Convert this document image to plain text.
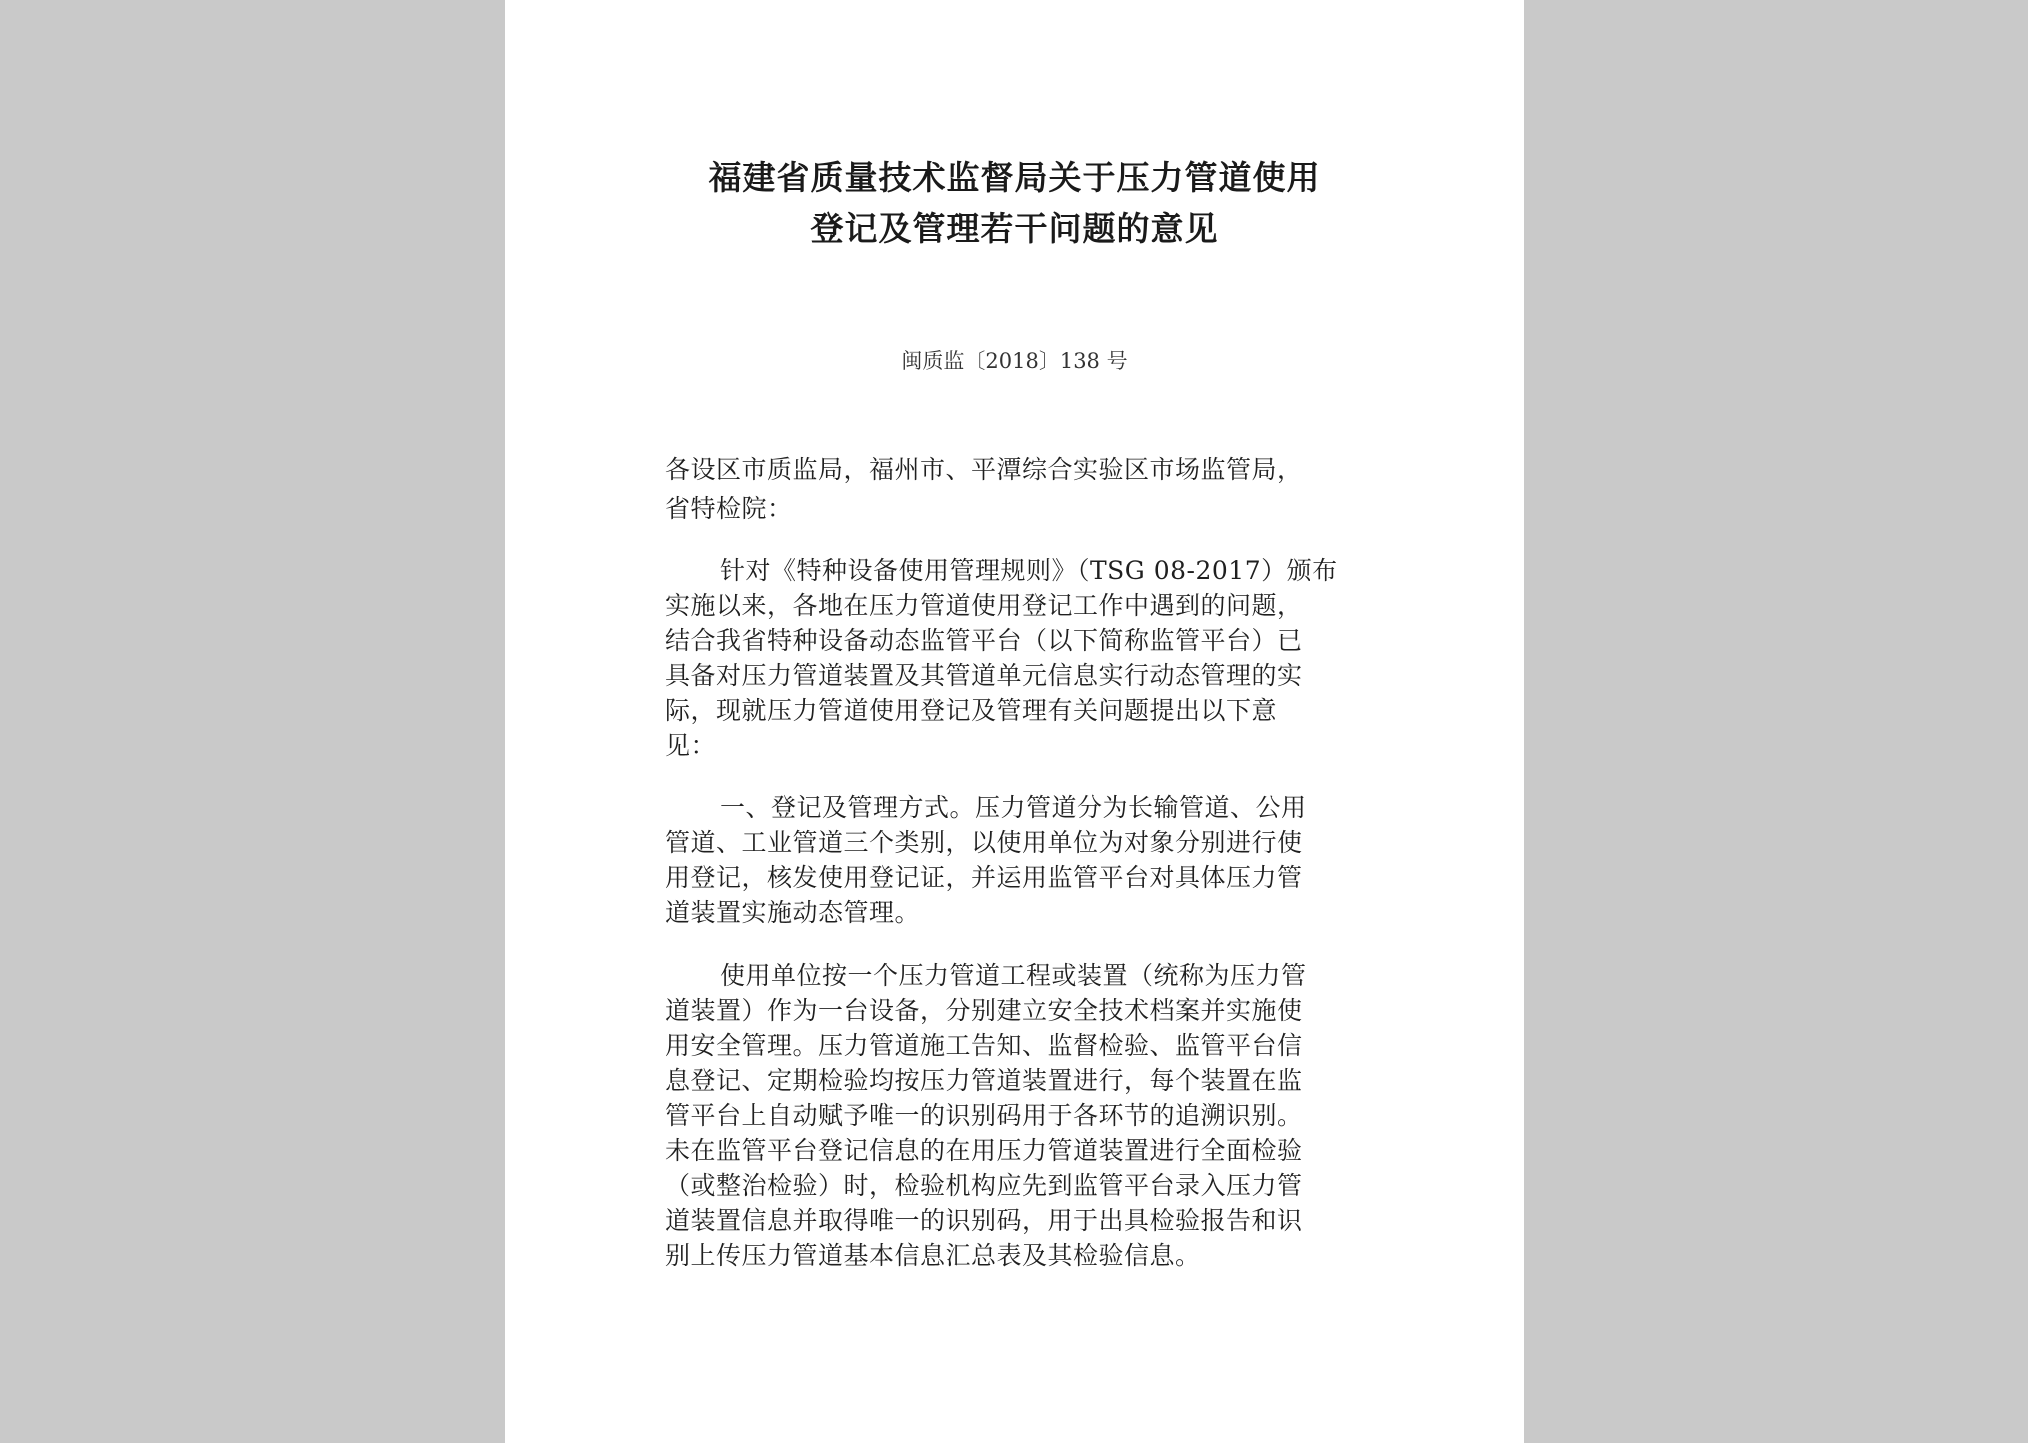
福建省质量技术监督局关于压力管道使用
登记及管理若干问题的意见
闽质监〔2018〕138 号
各设区市质监局，福州市、平潭综合实验区市场监管局，
省特检院：
针对《特种设备使用管理规则》（TSG 08-2017）颁布
实施以来，各地在压力管道使用登记工作中遇到的问题，
结合我省特种设备动态监管平台（以下简称监管平台）已
具备对压力管道装置及其管道单元信息实行动态管理的实
际，现就压力管道使用登记及管理有关问题提出以下意
见：
一、登记及管理方式。压力管道分为长输管道、公用
管道、工业管道三个类别，以使用单位为对象分别进行使
用登记，核发使用登记证，并运用监管平台对具体压力管
道装置实施动态管理。
使用单位按一个压力管道工程或装置（统称为压力管
道装置）作为一台设备，分别建立安全技术档案并实施使
用安全管理。压力管道施工告知、监督检验、监管平台信
息登记、定期检验均按压力管道装置进行，每个装置在监
管平台上自动赋予唯一的识别码用于各环节的追溯识别。
未在监管平台登记信息的在用压力管道装置进行全面检验
（或整治检验）时，检验机构应先到监管平台录入压力管
道装置信息并取得唯一的识别码，用于出具检验报告和识
别上传压力管道基本信息汇总表及其检验信息。
